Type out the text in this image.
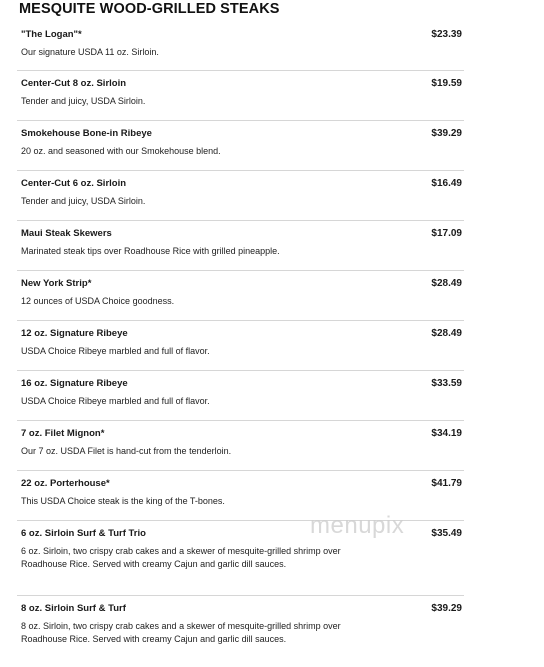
MESQUITE WOOD-GRILLED STEAKS
"The Logan"*	$23.39
Our signature USDA 11 oz. Sirloin.
Center-Cut 8 oz. Sirloin	$19.59
Tender and juicy, USDA Sirloin.
Smokehouse Bone-in Ribeye	$39.29
20 oz. and seasoned with our Smokehouse blend.
Center-Cut 6 oz. Sirloin	$16.49
Tender and juicy, USDA Sirloin.
Maui Steak Skewers	$17.09
Marinated steak tips over Roadhouse Rice with grilled pineapple.
New York Strip*	$28.49
12 ounces of USDA Choice goodness.
12 oz. Signature Ribeye	$28.49
USDA Choice Ribeye marbled and full of flavor.
16 oz. Signature Ribeye	$33.59
USDA Choice Ribeye marbled and full of flavor.
7 oz. Filet Mignon*	$34.19
Our 7 oz. USDA Filet is hand-cut from the tenderloin.
22 oz. Porterhouse*	$41.79
This USDA Choice steak is the king of the T-bones.
6 oz. Sirloin Surf & Turf Trio	$35.49
6 oz. Sirloin, two crispy crab cakes and a skewer of mesquite-grilled shrimp over Roadhouse Rice. Served with creamy Cajun and garlic dill sauces.
8 oz. Sirloin Surf & Turf	$39.29
8 oz. Sirloin, two crispy crab cakes and a skewer of mesquite-grilled shrimp over Roadhouse Rice. Served with creamy Cajun and garlic dill sauces.
menupix
